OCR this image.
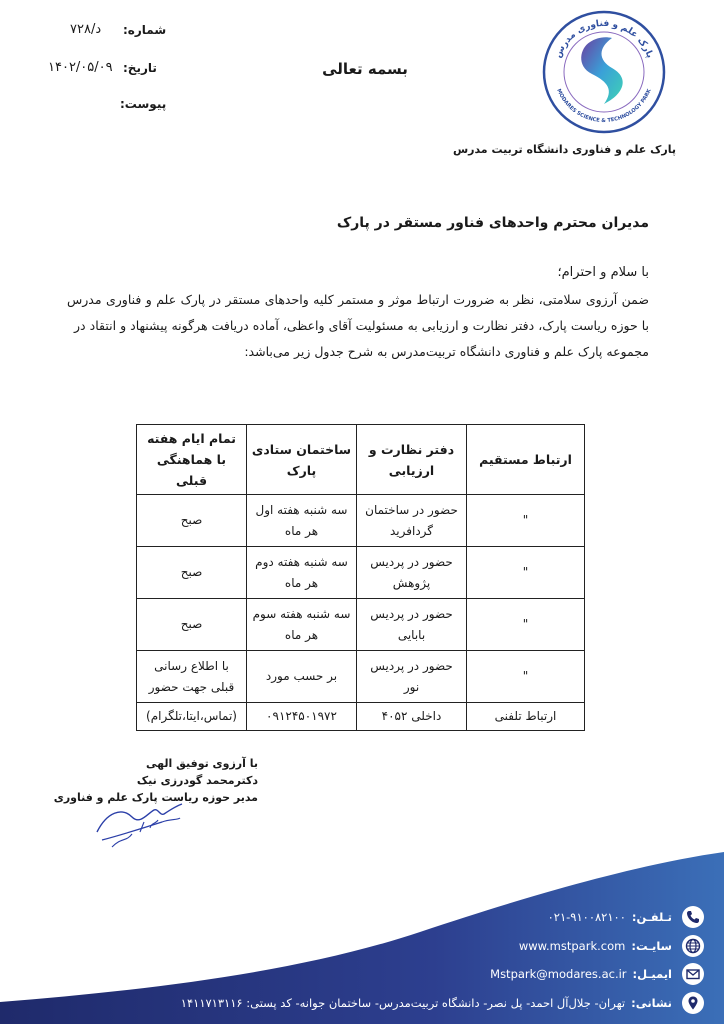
شماره:
۷۲۸/د
تاریخ:
۱۴۰۲/۰۵/۰۹
پیوست:
بسمه تعالی
پارک علم و فناوری مدرس
MODARES SCIENCE & TECHNOLOGY PARK
پارک علم و فناوری دانشگاه تربیت مدرس
مدیران محترم واحدهای فناور مستقر در پارک
با سلام و احترام؛
ضمن آرزوی سلامتی، نظر به ضرورت ارتباط موثر و مستمر کلیه واحدهای مستقر در پارک علم و فناوری مدرس
با حوزه ریاست پارک، دفتر نظارت و ارزیابی به مسئولیت آقای واعظی، آماده دریافت هرگونه پیشنهاد و انتقاد در
مجموعه پارک علم و فناوری دانشگاه تربیت‌مدرس به شرح جدول زیر می‌باشد:
ارتباط مستقیم	دفتر نظارت و ارزیابی	ساختمان ستادی پارک	تمام ایام هفته با هماهنگی قبلی
"	حضور در ساختمان گردافرید	سه شنبه هفته اول هر ماه	صبح
"	حضور در پردیس پژوهش	سه شنبه هفته دوم هر ماه	صبح
"	حضور در پردیس بابایی	سه شنبه هفته سوم هر ماه	صبح
"	حضور در پردیس نور	بر حسب مورد	با اطلاع رسانی قبلی جهت حضور
ارتباط تلفنی	داخلی ۴۰۵۲	۰۹۱۲۴۵۰۱۹۷۲	(تماس،ایتا،تلگرام)
با آرزوی توفیق الهی
دکترمحمد گودرزی نیک
مدیر حوزه ریاست پارک علم و فناوری
تـلفـن:
۰۲۱-۹۱۰۰۸۲۱۰۰
سایـت:
www.mstpark.com
ایمیـل:
Mstpark@modares.ac.ir
نشانی:
تهران- جلال‌آل احمد- پل نصر- دانشگاه تربیت‌مدرس- ساختمان جوانه- کد پستی: ۱۴۱۱۷۱۳۱۱۶
